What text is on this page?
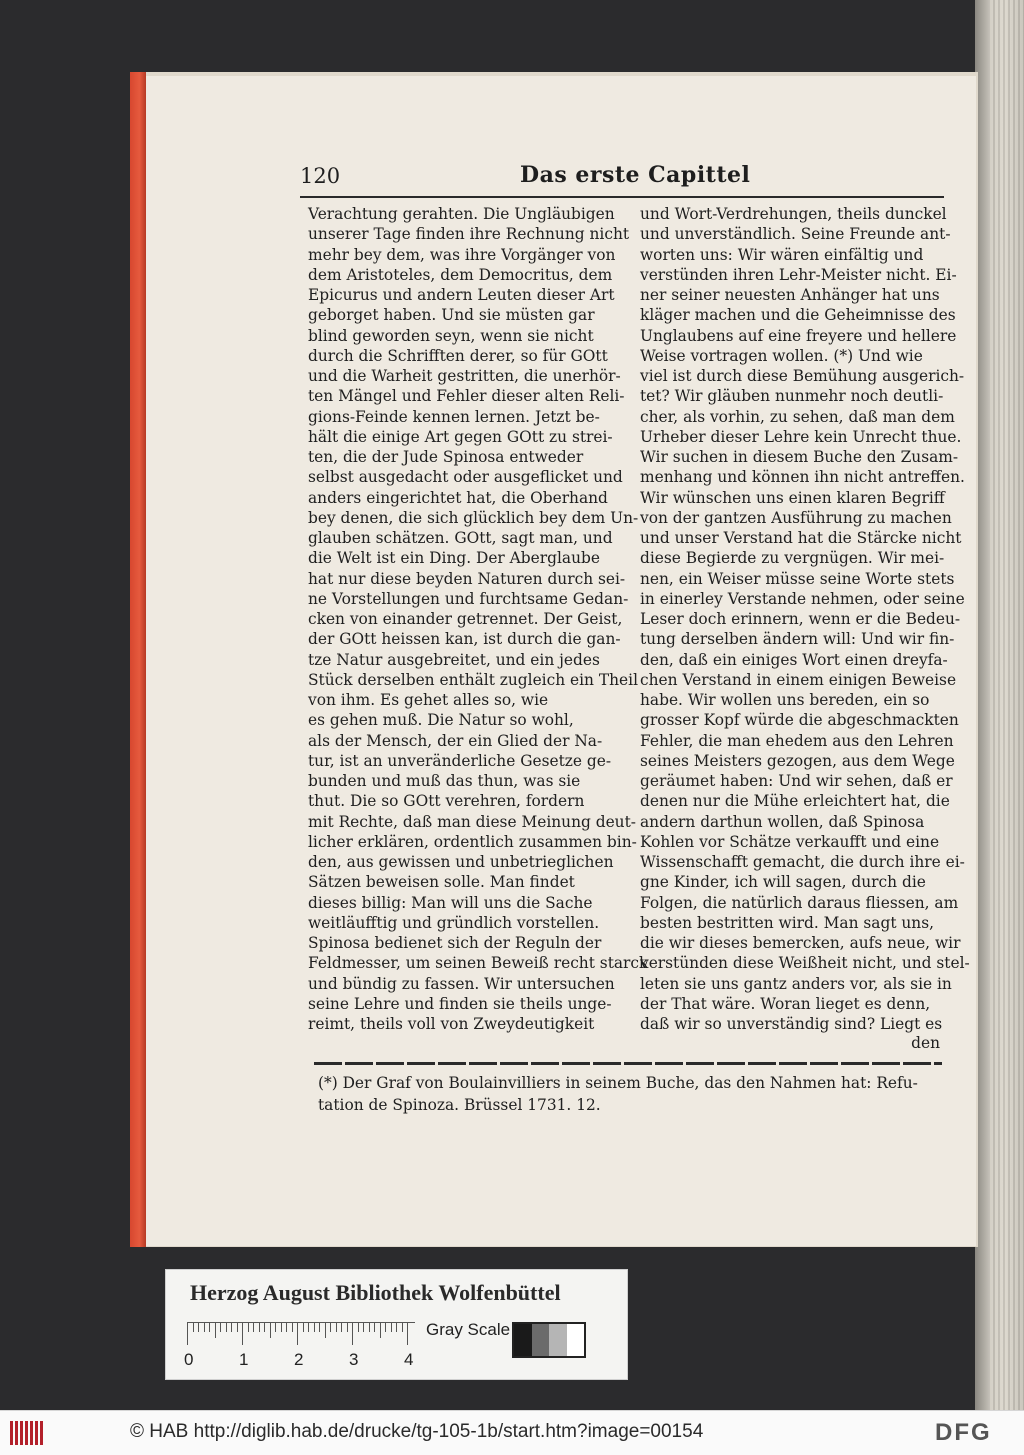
120	Das erste Capittel
Verachtung gerahten. Die Ungläubigen
unserer Tage finden ihre Rechnung nicht
mehr bey dem, was ihre Vorgänger von
dem Aristoteles, dem Democritus, dem
Epicurus und andern Leuten dieser Art
geborget haben. Und sie müsten gar
blind geworden seyn, wenn sie nicht
durch die Schrifften derer, so für GOtt
und die Warheit gestritten, die unerhör-
ten Mängel und Fehler dieser alten Reli-
gions-Feinde kennen lernen. Jetzt be-
hält die einige Art gegen GOtt zu strei-
ten, die der Jude Spinosa entweder
selbst ausgedacht oder ausgeflicket und
anders eingerichtet hat, die Oberhand
bey denen, die sich glücklich bey dem Un-
glauben schätzen. GOtt, sagt man, und
die Welt ist ein Ding. Der Aberglaube
hat nur diese beyden Naturen durch sei-
ne Vorstellungen und furchtsame Gedan-
cken von einander getrennet. Der Geist,
der GOtt heissen kan, ist durch die gan-
tze Natur ausgebreitet, und ein jedes
Stück derselben enthält zugleich ein Theil
von ihm. Es gehet alles so, wie
es gehen muß. Die Natur so wohl,
als der Mensch, der ein Glied der Na-
tur, ist an unveränderliche Gesetze ge-
bunden und muß das thun, was sie
thut. Die so GOtt verehren, fordern
mit Rechte, daß man diese Meinung deut-
licher erklären, ordentlich zusammen bin-
den, aus gewissen und unbetrieglichen
Sätzen beweisen solle. Man findet
dieses billig: Man will uns die Sache
weitläufftig und gründlich vorstellen.
Spinosa bedienet sich der Reguln der
Feldmesser, um seinen Beweiß recht starck
und bündig zu fassen. Wir untersuchen
seine Lehre und finden sie theils unge-
reimt, theils voll von Zweydeutigkeit
und Wort-Verdrehungen, theils dunckel
und unverständlich. Seine Freunde ant-
worten uns: Wir wären einfältig und
verstünden ihren Lehr-Meister nicht. Ei-
ner seiner neuesten Anhänger hat uns
kläger machen und die Geheimnisse des
Unglaubens auf eine freyere und hellere
Weise vortragen wollen. (*) Und wie
viel ist durch diese Bemühung ausgerich-
tet? Wir gläuben nunmehr noch deutli-
cher, als vorhin, zu sehen, daß man dem
Urheber dieser Lehre kein Unrecht thue.
Wir suchen in diesem Buche den Zusam-
menhang und können ihn nicht antreffen.
Wir wünschen uns einen klaren Begriff
von der gantzen Ausführung zu machen
und unser Verstand hat die Stärcke nicht
diese Begierde zu vergnügen. Wir mei-
nen, ein Weiser müsse seine Worte stets
in einerley Verstande nehmen, oder seine
Leser doch erinnern, wenn er die Bedeu-
tung derselben ändern will: Und wir fin-
den, daß ein einiges Wort einen dreyfa-
chen Verstand in einem einigen Beweise
habe. Wir wollen uns bereden, ein so
grosser Kopf würde die abgeschmackten
Fehler, die man ehedem aus den Lehren
seines Meisters gezogen, aus dem Wege
geräumet haben: Und wir sehen, daß er
denen nur die Mühe erleichtert hat, die
andern darthun wollen, daß Spinosa
Kohlen vor Schätze verkaufft und eine
Wissenschafft gemacht, die durch ihre ei-
gne Kinder, ich will sagen, durch die
Folgen, die natürlich daraus fliessen, am
besten bestritten wird. Man sagt uns,
die wir dieses bemercken, aufs neue, wir
verstünden diese Weißheit nicht, und stel-
leten sie uns gantz anders vor, als sie in
der That wäre. Woran lieget es denn,
daß wir so unverständig sind? Liegt es
den
(*) Der Graf von Boulainvilliers in seinem Buche, das den Nahmen hat: Refu-
tation de Spinoza. Brüssel 1731. 12.
Herzog August Bibliothek Wolfenbüttel
0	1	2	3	4
Gray Scale
© HAB http://diglib.hab.de/drucke/tg-105-1b/start.htm?image=00154	DFG
